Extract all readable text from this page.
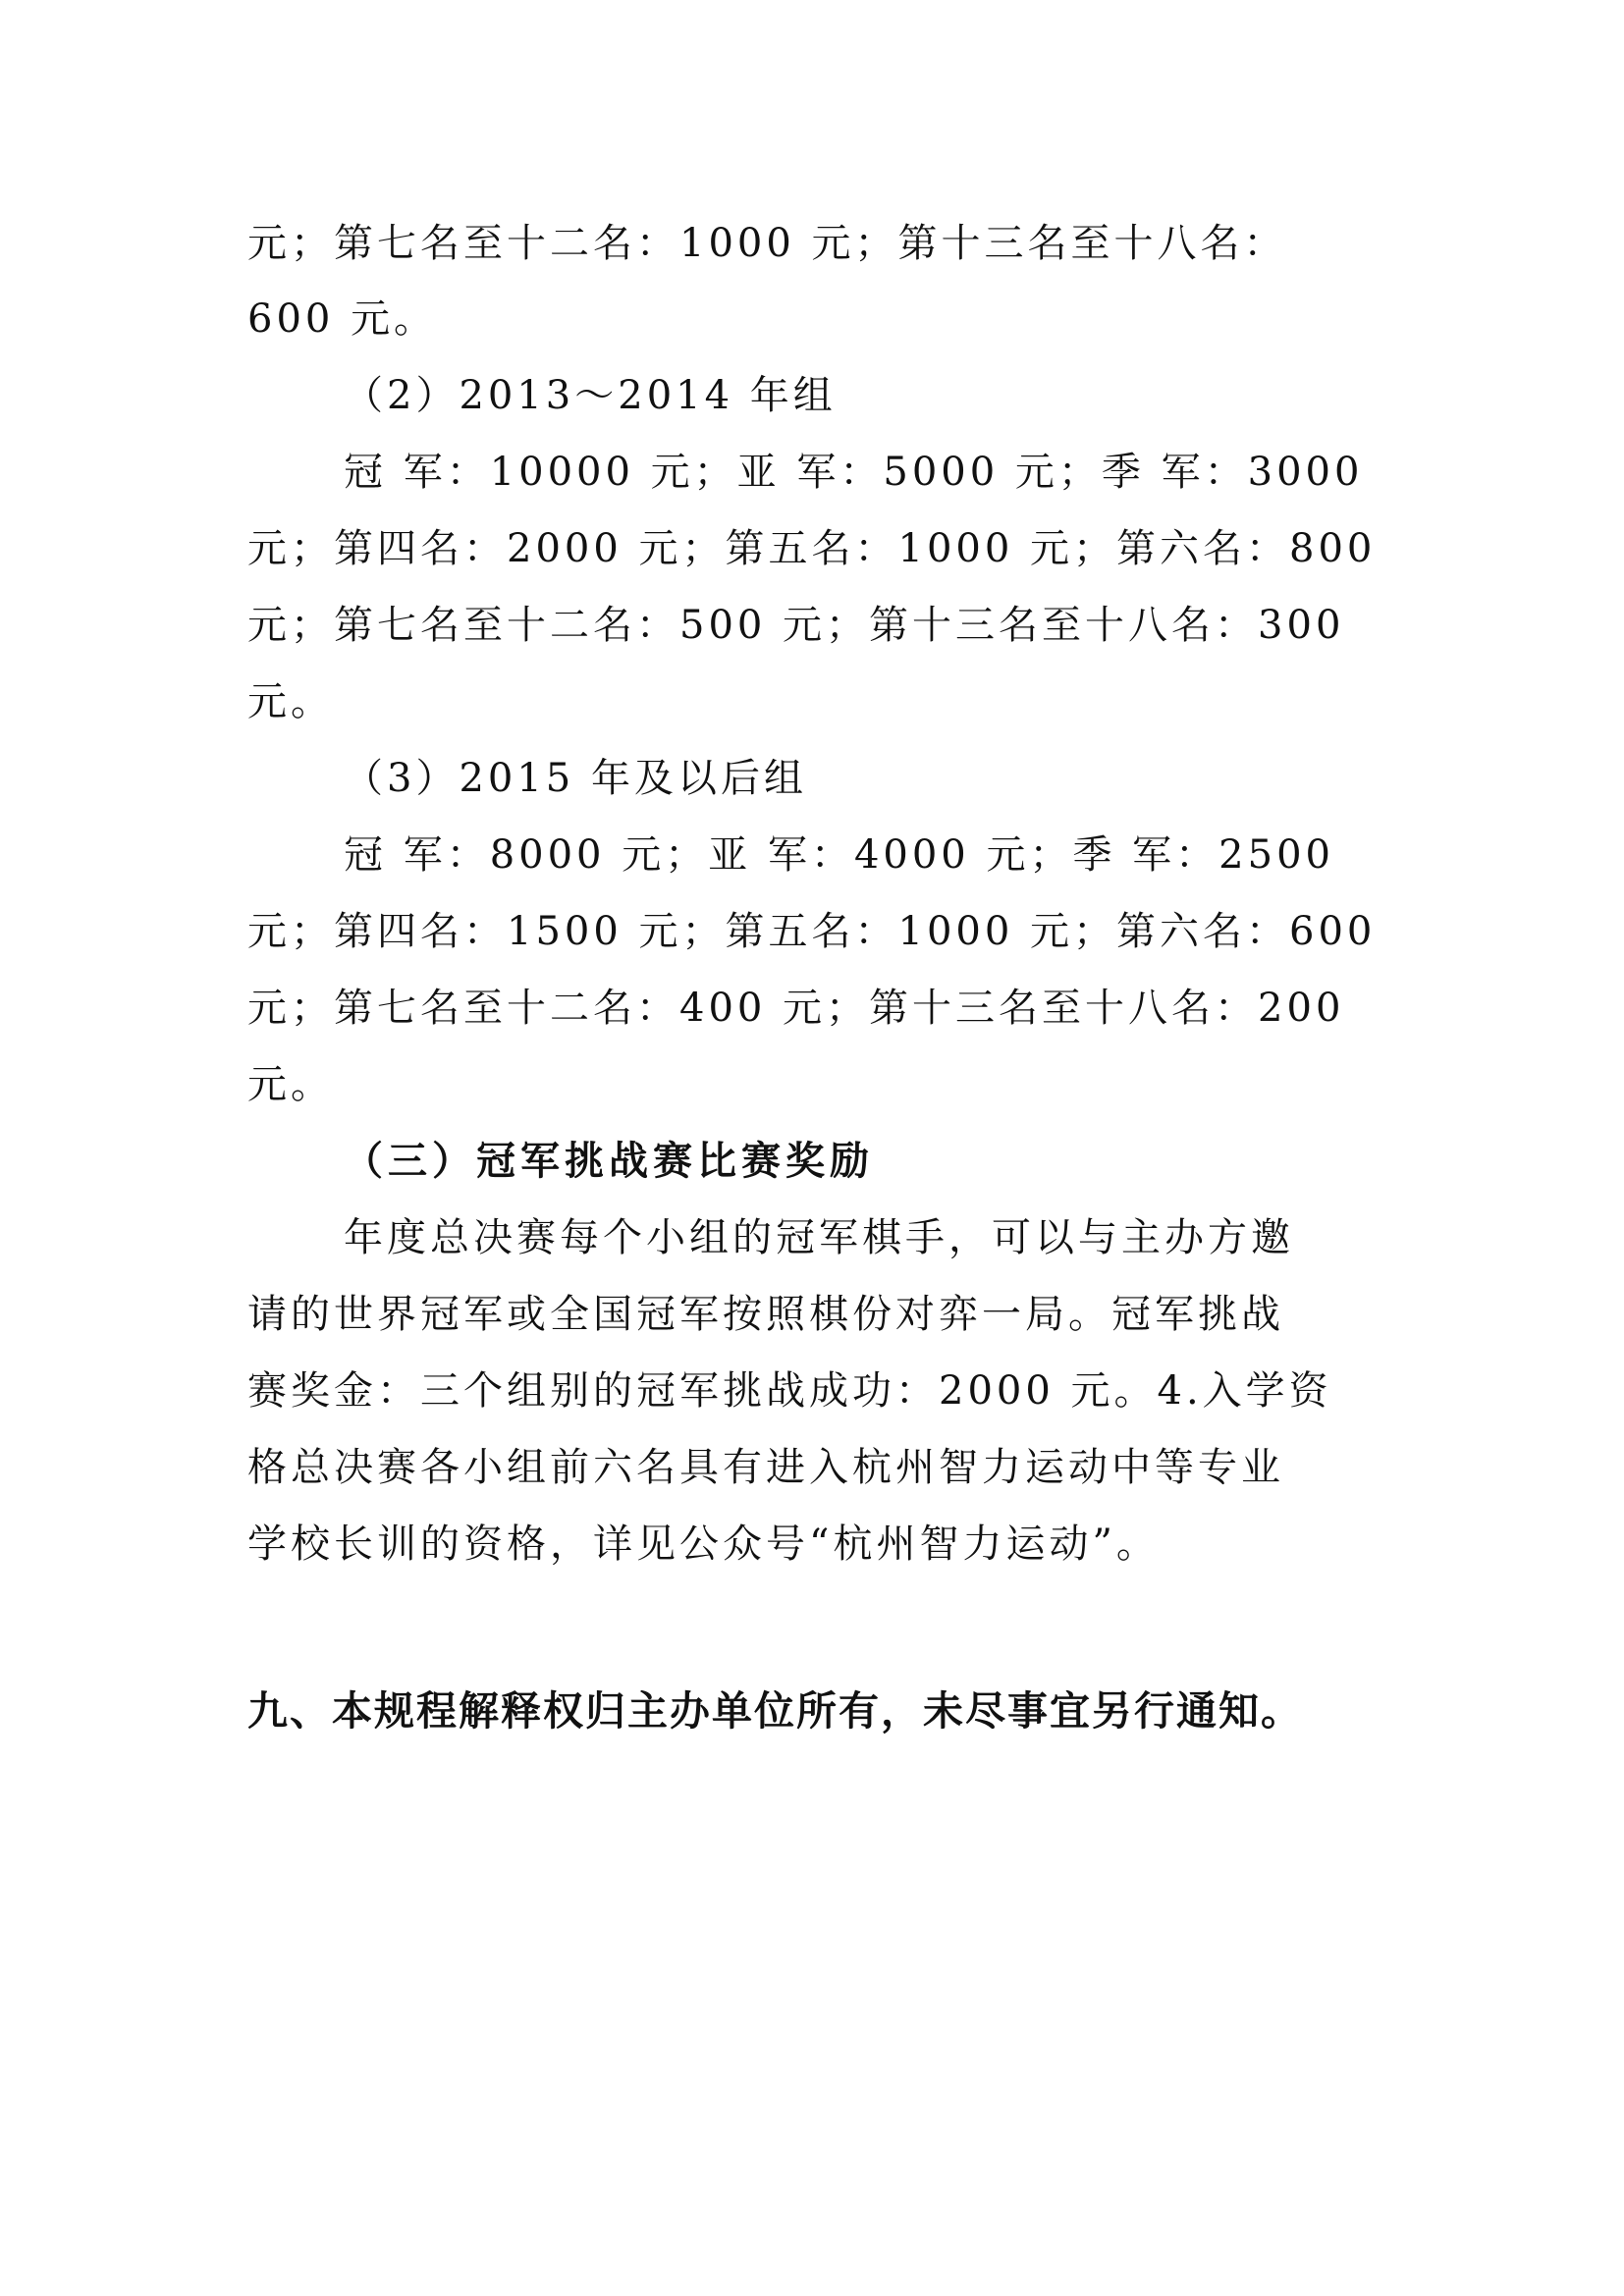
元；第七名至十二名：1000 元；第十三名至十八名：

600 元。

（2）2013～2014 年组

冠 军：10000 元；亚 军：5000 元；季 军：3000

元；第四名：2000 元；第五名：1000 元；第六名：800

元；第七名至十二名：500 元；第十三名至十八名：300

元。

（3）2015 年及以后组

冠 军：8000 元；亚 军：4000 元；季 军：2500

元；第四名：1500 元；第五名：1000 元；第六名：600

元；第七名至十二名：400 元；第十三名至十八名：200

元。

（三）冠军挑战赛比赛奖励

年度总决赛每个小组的冠军棋手，可以与主办方邀

请的世界冠军或全国冠军按照棋份对弈一局。冠军挑战

赛奖金：三个组别的冠军挑战成功：2000 元。4.入学资

格总决赛各小组前六名具有进入杭州智力运动中等专业

学校长训的资格，详见公众号“杭州智力运动”。

九、本规程解释权归主办单位所有，未尽事宜另行通知。
